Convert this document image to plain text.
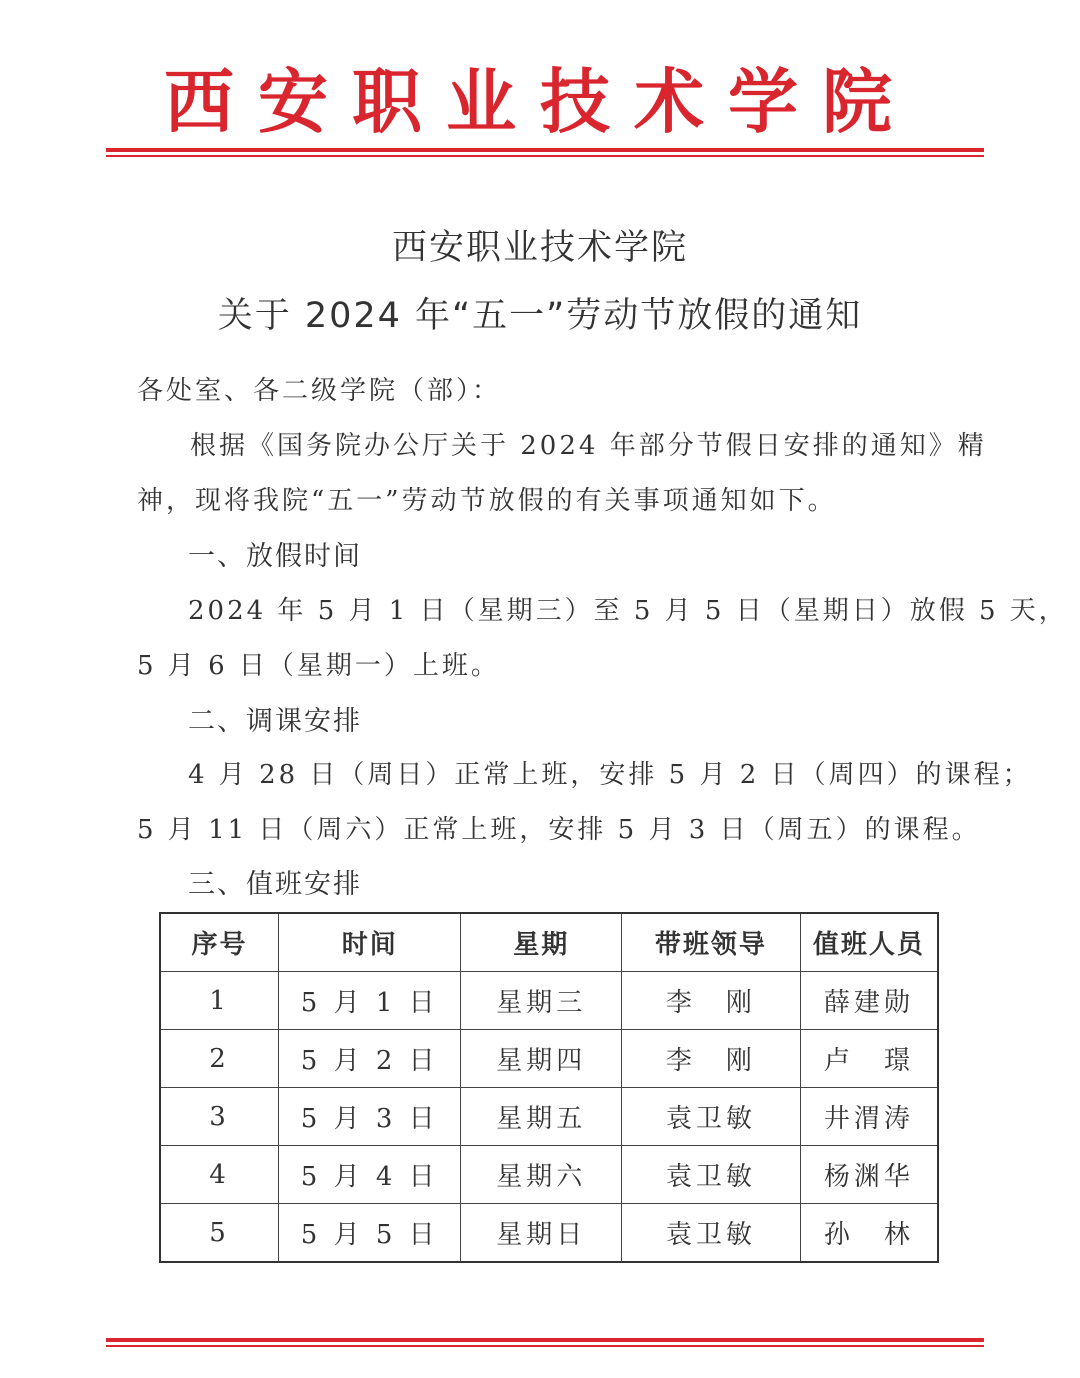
西安职业技术学院
西安职业技术学院
关于 2024 年“五一”劳动节放假的通知
各处室、各二级学院（部）：
根据《国务院办公厅关于 2024 年部分节假日安排的通知》精
神，现将我院“五一”劳动节放假的有关事项通知如下。
一、放假时间
2024 年 5 月 1 日（星期三）至 5 月 5 日（星期日）放假 5 天，
5 月 6 日（星期一）上班。
二、调课安排
4 月 28 日（周日）正常上班，安排 5 月 2 日（周四）的课程；
5 月 11 日（周六）正常上班，安排 5 月 3 日（周五）的课程。
三、值班安排
序号	时间	星期	带班领导	值班人员
1	5 月 1 日	星期三	李　刚	薛建勋
2	5 月 2 日	星期四	李　刚	卢　璟
3	5 月 3 日	星期五	袁卫敏	井渭涛
4	5 月 4 日	星期六	袁卫敏	杨渊华
5	5 月 5 日	星期日	袁卫敏	孙　林
